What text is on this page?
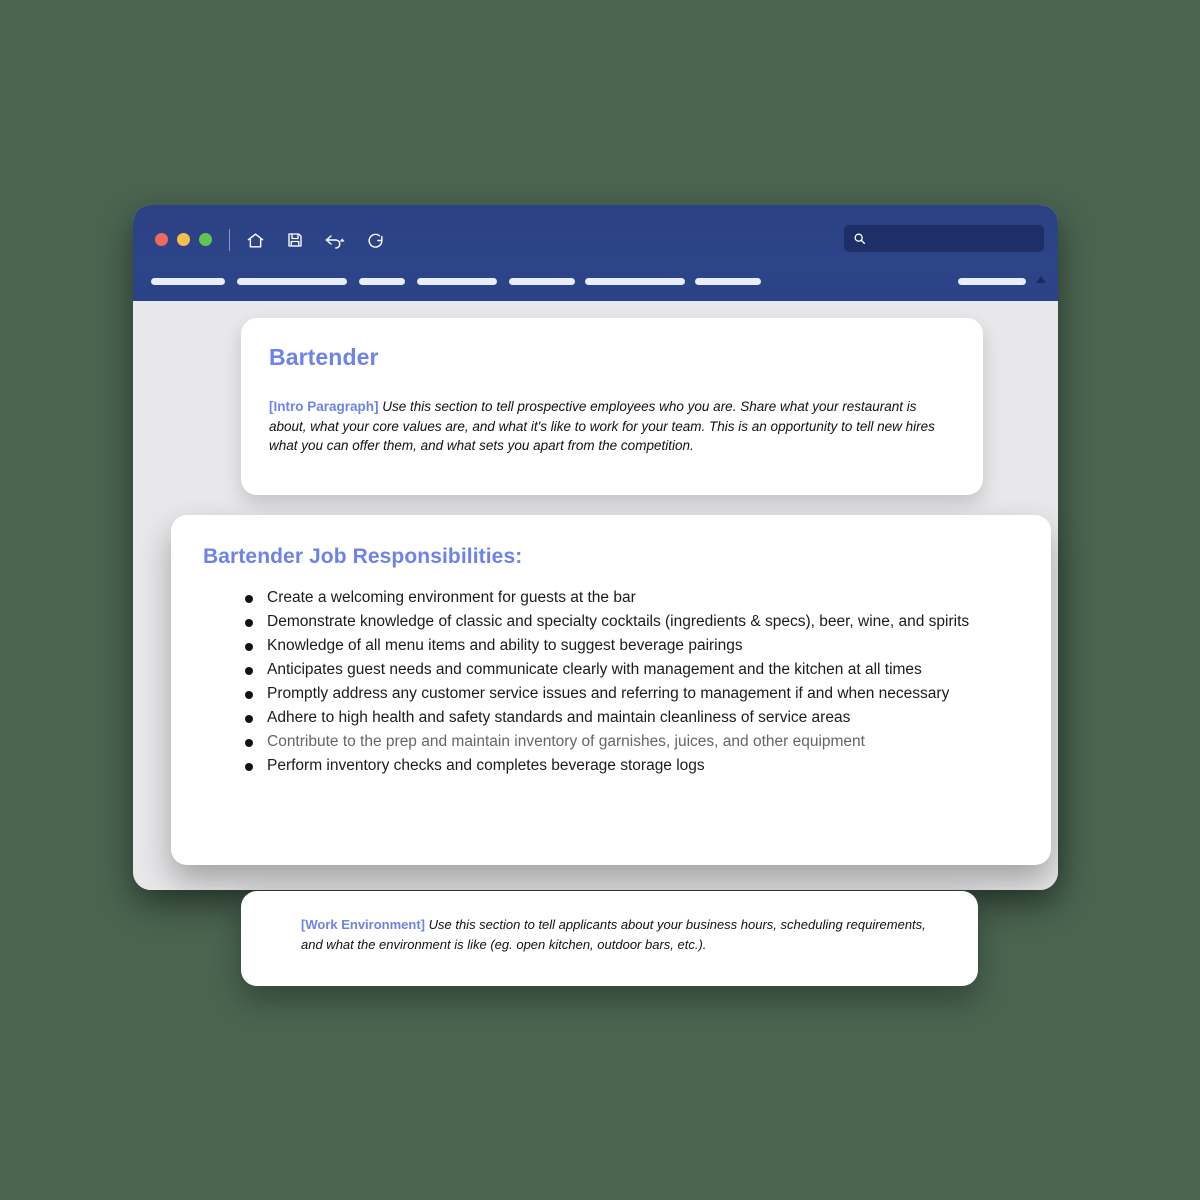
Bartender

[Intro Paragraph] Use this section to tell prospective employees who you are. Share what your restaurant is about, what your core values are, and what it's like to work for your team. This is an opportunity to tell new hires what you can offer them, and what sets you apart from the competition.

Bartender Job Responsibilities:
Create a welcoming environment for guests at the bar
Demonstrate knowledge of classic and specialty cocktails (ingredients & specs), beer, wine, and spirits
Knowledge of all menu items and ability to suggest beverage pairings
Anticipates guest needs and communicate clearly with management and the kitchen at all times
Promptly address any customer service issues and referring to management if and when necessary
Adhere to high health and safety standards and maintain cleanliness of service areas
Contribute to the prep and maintain inventory of garnishes, juices, and other equipment
Perform inventory checks and completes beverage storage logs

[Work Environment] Use this section to tell applicants about your business hours, scheduling requirements, and what the environment is like (eg. open kitchen, outdoor bars, etc.).
